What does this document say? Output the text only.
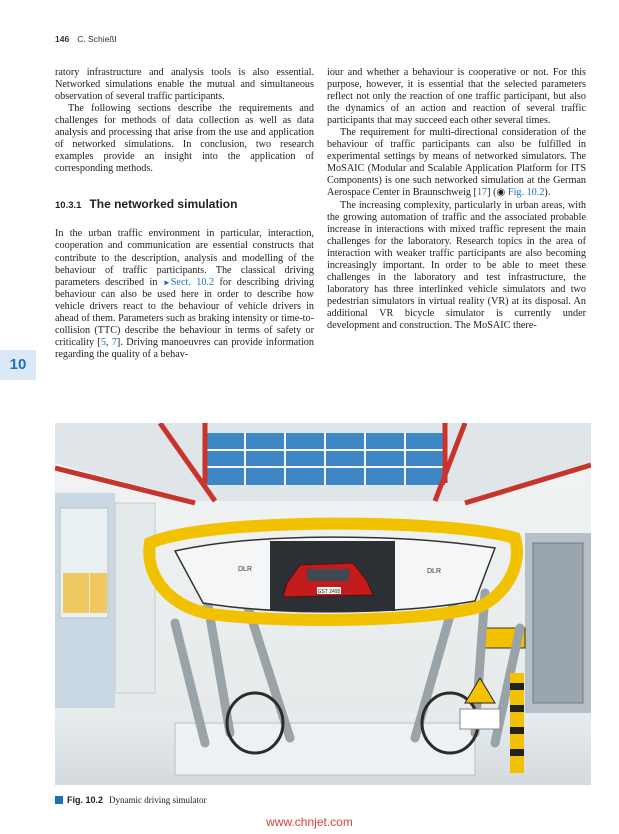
146 C. Schießl
10

ratory infrastructure and analysis tools is also essential. Networked simulations enable the mutual and simultaneous observation of several traffic participants.

The following sections describe the requirements and challenges for methods of data collection as well as data analysis and processing that arise from the use and application of networked simulations. In conclusion, two research examples provide an insight into the application of corresponding methods.

10.3.1 The networked simulation

In the urban traffic environment in particular, interaction, cooperation and communication are essential constructs that contribute to the description, analysis and modelling of the behaviour of traffic participants. The classical driving parameters described in ►Sect. 10.2 for describing driving behaviour can also be used here in order to describe how vehicle drivers react to the behaviour of vehicle drivers in ahead of them. Parameters such as braking intensity or time-to-collision (TTC) describe the behaviour in terms of safety or criticality [5, 7]. Driving manoeuvres can provide information regarding the quality of a behav-

iour and whether a behaviour is cooperative or not. For this purpose, however, it is essential that the selected parameters reflect not only the reaction of one traffic participant, but also the dynamics of an action and reaction of several traffic participants that may succeed each other several times.

The requirement for multi-directional consideration of the behaviour of traffic participants can also be fulfilled in experimental settings by means of networked simulators. The MoSAIC (Modular and Scalable Application Platform for ITS Components) is one such networked simulation at the German Aerospace Center in Braunschweig [17] (◉ Fig. 10.2).

The increasing complexity, particularly in urban areas, with the growing automation of traffic and the associated probable increase in interactions with mixed traffic represent the main challenges for the laboratory. Research topics in the area of interaction with weaker traffic participants are also becoming increasingly important. In order to be able to meet these challenges in the laboratory and test infrastructure, the laboratory has three interlinked vehicle simulators and two pedestrian simulators in virtual reality (VR) at its disposal. An additional VR bicycle simulator is currently under development and construction. The MoSAIC there-

GST 2495
DLR	DLR
Fig. 10.2 Dynamic driving simulator
www.chnjet.com
